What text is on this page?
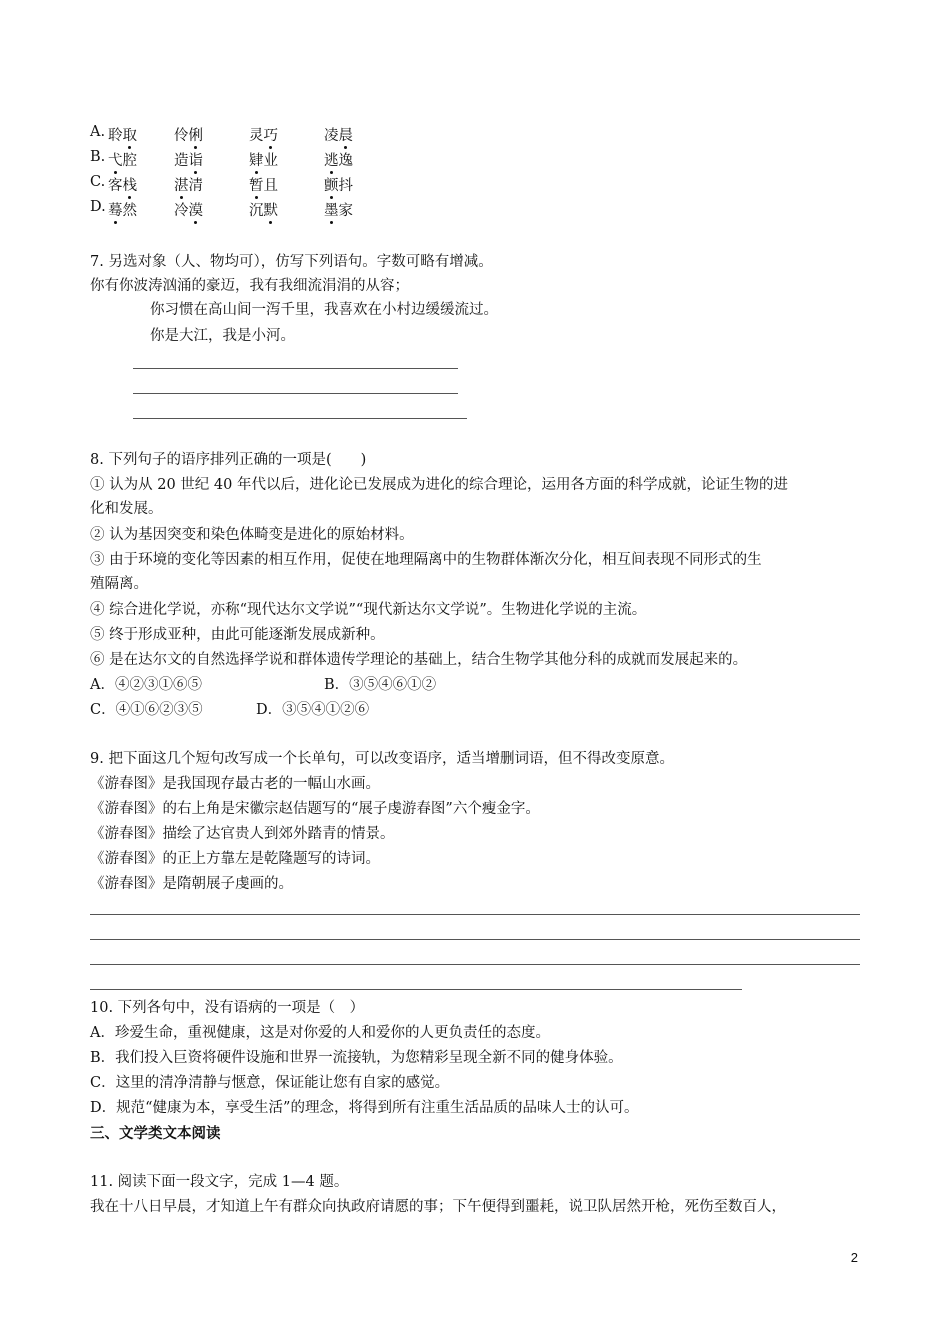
A. 聆取	伶俐	灵巧	凌晨
B. 弋腔	造诣	肄业	逃逸
C. 客栈	湛清	暂且	颤抖
D. 蓦然	冷漠	沉默	墨家
7. 另选对象（人、物均可），仿写下列语句。字数可略有增减。
你有你波涛汹涌的豪迈，我有我细流涓涓的从容；
你习惯在高山间一泻千里，我喜欢在小村边缓缓流过。
你是大江，我是小河。
8. 下列句子的语序排列正确的一项是(　　)
① 认为从 20 世纪 40 年代以后，进化论已发展成为进化的综合理论，运用各方面的科学成就，论证生物的进
化和发展。
② 认为基因突变和染色体畸变是进化的原始材料。
③ 由于环境的变化等因素的相互作用，促使在地理隔离中的生物群体渐次分化，相互间表现不同形式的生
殖隔离。
④ 综合进化学说，亦称“现代达尔文学说”“现代新达尔文学说”。生物进化学说的主流。
⑤ 终于形成亚种，由此可能逐渐发展成新种。
⑥ 是在达尔文的自然选择学说和群体遗传学理论的基础上，结合生物学其他分科的成就而发展起来的。
A．④②③①⑥⑤	B．③⑤④⑥①②
C．④①⑥②③⑤	D．③⑤④①②⑥
9. 把下面这几个短句改写成一个长单句，可以改变语序，适当增删词语，但不得改变原意。
《游春图》是我国现存最古老的一幅山水画。
《游春图》的右上角是宋徽宗赵佶题写的“展子虔游春图”六个瘦金字。
《游春图》描绘了达官贵人到郊外踏青的情景。
《游春图》的正上方靠左是乾隆题写的诗词。
《游春图》是隋朝展子虔画的。
10. 下列各句中，没有语病的一项是（　）
A．珍爱生命，重视健康，这是对你爱的人和爱你的人更负责任的态度。
B．我们投入巨资将硬件设施和世界一流接轨，为您精彩呈现全新不同的健身体验。
C．这里的清净清静与惬意，保证能让您有自家的感觉。
D．规范“健康为本，享受生活”的理念，将得到所有注重生活品质的品味人士的认可。
三、文学类文本阅读
11. 阅读下面一段文字，完成 1—4 题。
我在十八日早晨，才知道上午有群众向执政府请愿的事；下午便得到噩耗，说卫队居然开枪，死伤至数百人，
2
